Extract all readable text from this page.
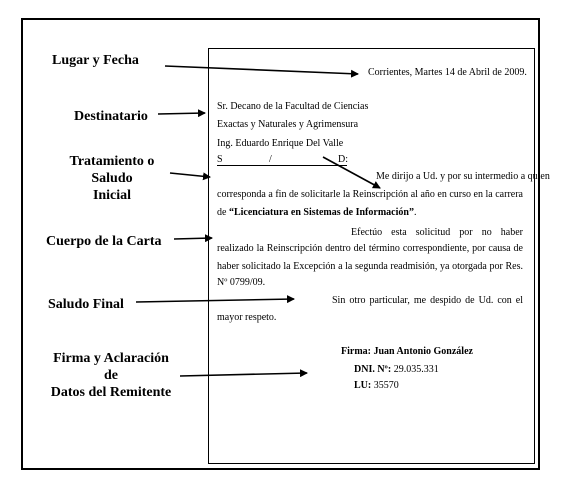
Lugar y Fecha
Destinatario
Tratamiento o
Saludo
Inicial
Cuerpo de la Carta
Saludo Final
Firma y Aclaración
de
Datos del Remitente
Corrientes, Martes 14 de Abril de 2009.
Sr. Decano de la Facultad de Ciencias
Exactas y Naturales y Agrimensura
Ing. Eduardo Enrique Del Valle
S	/	D:
Me dirijo a Ud. y por su intermedio a quien
corresponda a fin de solicitarle la Reinscripción al año en curso en la carrera
de “Licenciatura en Sistemas de Información”.
Efectúo esta solicitud por no haber
realizado la Reinscripción dentro del término correspondiente, por causa de
haber solicitado la Excepción a la segunda readmisión, ya otorgada por Res.
Nº 0799/09.
Sin otro particular, me despido de Ud. con el
mayor respeto.
Firma: Juan Antonio González
DNI. Nº: 29.035.331
LU: 35570
